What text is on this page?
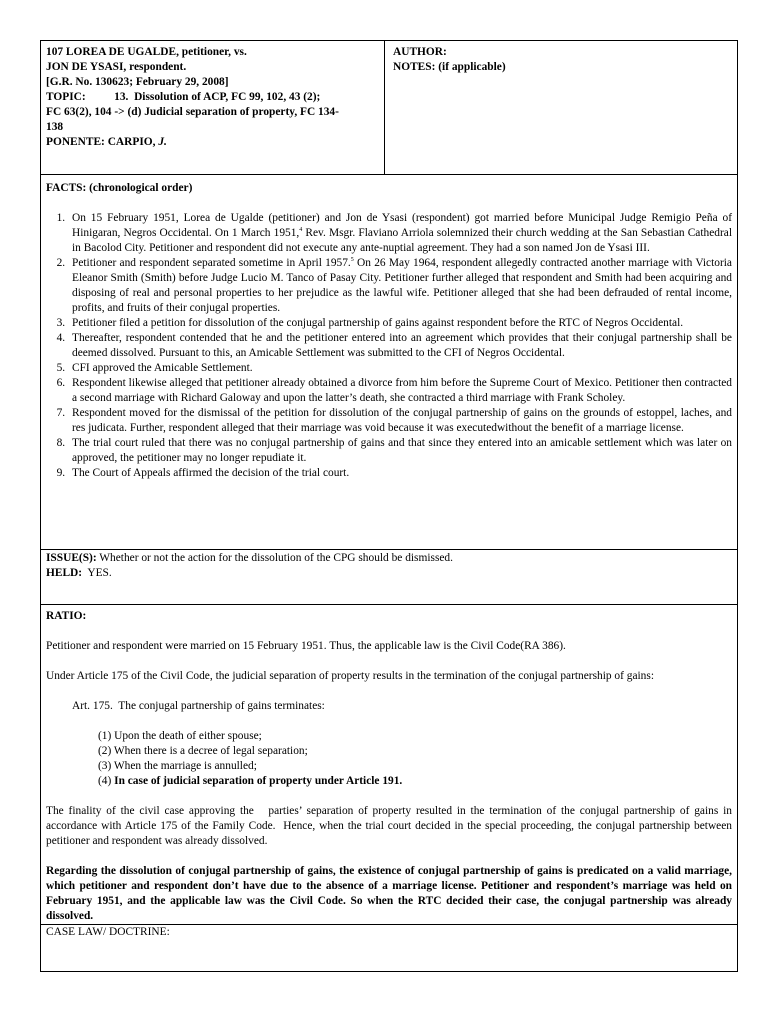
107 LOREA DE UGALDE, petitioner, vs.
JON DE YSASI, respondent.
[G.R. No. 130623; February 29, 2008]
TOPIC:          13.  Dissolution of ACP, FC 99, 102, 43 (2);
FC 63(2), 104 -> (d) Judicial separation of property, FC 134-
138
PONENTE: CARPIO, J.
AUTHOR:
NOTES: (if applicable)
FACTS: (chronological order)
1. On 15 February 1951, Lorea de Ugalde (petitioner) and Jon de Ysasi (respondent) got married before Municipal Judge Remigio Peña of Hinigaran, Negros Occidental. On 1 March 1951,$^4$ Rev. Msgr. Flaviano Arriola solemnized their church wedding at the San Sebastian Cathedral in Bacolod City. Petitioner and respondent did not execute any ante-nuptial agreement. They had a son named Jon de Ysasi III.
2. Petitioner and respondent separated sometime in April 1957.$^5$ On 26 May 1964, respondent allegedly contracted another marriage with Victoria Eleanor Smith (Smith) before Judge Lucio M. Tanco of Pasay City. Petitioner further alleged that respondent and Smith had been acquiring and disposing of real and personal properties to her prejudice as the lawful wife. Petitioner alleged that she had been defrauded of rental income, profits, and fruits of their conjugal properties.
3. Petitioner filed a petition for dissolution of the conjugal partnership of gains against respondent before the RTC of Negros Occidental.
4. Thereafter, respondent contended that he and the petitioner entered into an agreement which provides that their conjugal partnership shall be deemed dissolved. Pursuant to this, an Amicable Settlement was submitted to the CFI of Negros Occidental.
5. CFI approved the Amicable Settlement.
6. Respondent likewise alleged that petitioner already obtained a divorce from him before the Supreme Court of Mexico. Petitioner then contracted a second marriage with Richard Galoway and upon the latter’s death, she contracted a third marriage with Frank Scholey.
7. Respondent moved for the dismissal of the petition for dissolution of the conjugal partnership of gains on the grounds of estoppel, laches, and res judicata. Further, respondent alleged that their marriage was void because it was executedwithout the benefit of a marriage license.
8. The trial court ruled that there was no conjugal partnership of gains and that since they entered into an amicable settlement which was later on approved, the petitioner may no longer repudiate it.
9. The Court of Appeals affirmed the decision of the trial court.
ISSUE(S): Whether or not the action for the dissolution of the CPG should be dismissed.
HELD:  YES.

RATIO:

Petitioner and respondent were married on 15 February 1951. Thus, the applicable law is the Civil Code(RA 386).

Under Article 175 of the Civil Code, the judicial separation of property results in the termination of the conjugal partnership of gains:

Art. 175.  The conjugal partnership of gains terminates:

(1) Upon the death of either spouse;
(2) When there is a decree of legal separation;
(3) When the marriage is annulled;
(4) In case of judicial separation of property under Article 191.

The finality of the civil case approving the   parties’ separation of property resulted in the termination of the conjugal partnership of gains in accordance with Article 175 of the Family Code.  Hence, when the trial court decided in the special proceeding, the conjugal partnership between petitioner and respondent was already dissolved.

Regarding the dissolution of conjugal partnership of gains, the existence of conjugal partnership of gains is predicated on a valid marriage, which petitioner and respondent don’t have due to the absence of a marriage license. Petitioner and respondent’s marriage was held on February 1951, and the applicable law was the Civil Code. So when the RTC decided their case, the conjugal partnership was already dissolved.

CASE LAW/ DOCTRINE:
